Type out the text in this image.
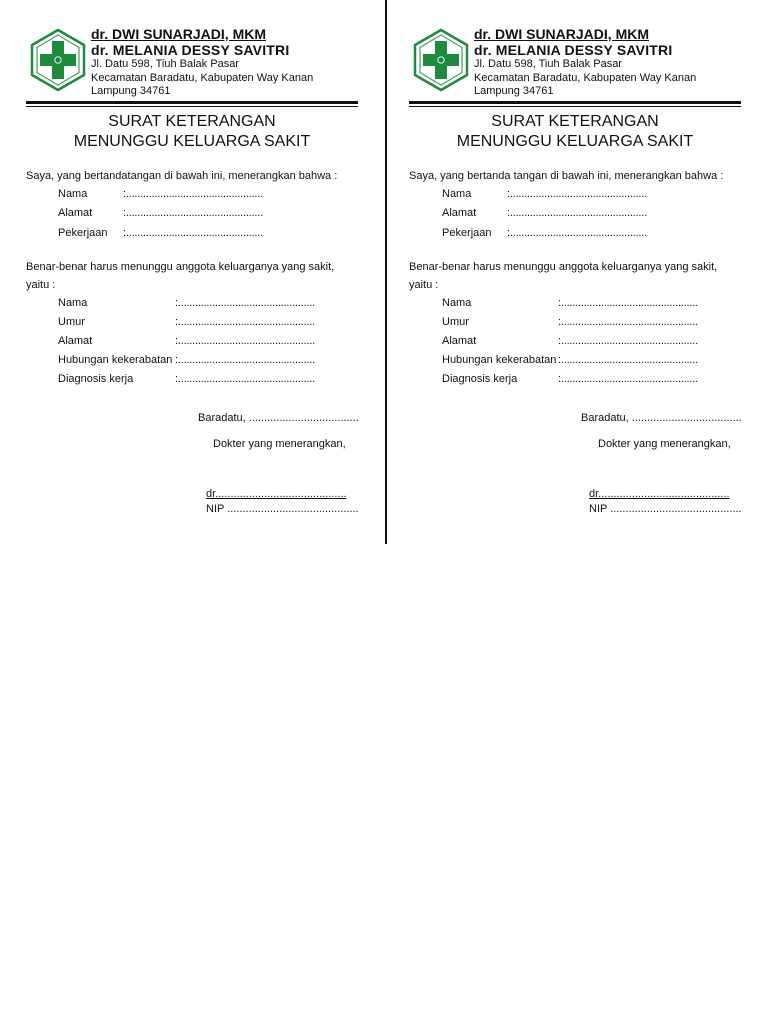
dr. DWI SUNARJADI, MKM
dr. MELANIA DESSY SAVITRI
Jl. Datu 598, Tiuh Balak Pasar
Kecamatan Baradatu, Kabupaten Way Kanan
Lampung 34761
SURAT KETERANGAN
MENUNGGU KELUARGA SAKIT
Saya, yang bertandatangan di bawah ini, menerangkan bahwa :
Nama	:................................................
Alamat	:................................................
Pekerjaan :................................................
Benar-benar harus menunggu anggota keluarganya yang sakit,
yaitu :
Nama	:................................................
Umur	:................................................
Alamat	:................................................
Hubungan kekerabatan :................................................
Diagnosis kerja	:................................................
Baradatu, ....................................
Dokter yang menerangkan,
dr...........................................
NIP ...........................................
dr. DWI SUNARJADI, MKM
dr. MELANIA DESSY SAVITRI
Jl. Datu 598, Tiuh Balak Pasar
Kecamatan Baradatu, Kabupaten Way Kanan
Lampung 34761
SURAT KETERANGAN
MENUNGGU KELUARGA SAKIT
Saya, yang bertanda tangan di bawah ini, menerangkan bahwa :
Nama	:................................................
Alamat	:................................................
Pekerjaan :................................................
Benar-benar harus menunggu anggota keluarganya yang sakit,
yaitu :
Nama	:................................................
Umur	:................................................
Alamat	:................................................
Hubungan kekerabatan :................................................
Diagnosis kerja	:................................................
Baradatu, ....................................
Dokter yang menerangkan,
dr...........................................
NIP ...........................................
